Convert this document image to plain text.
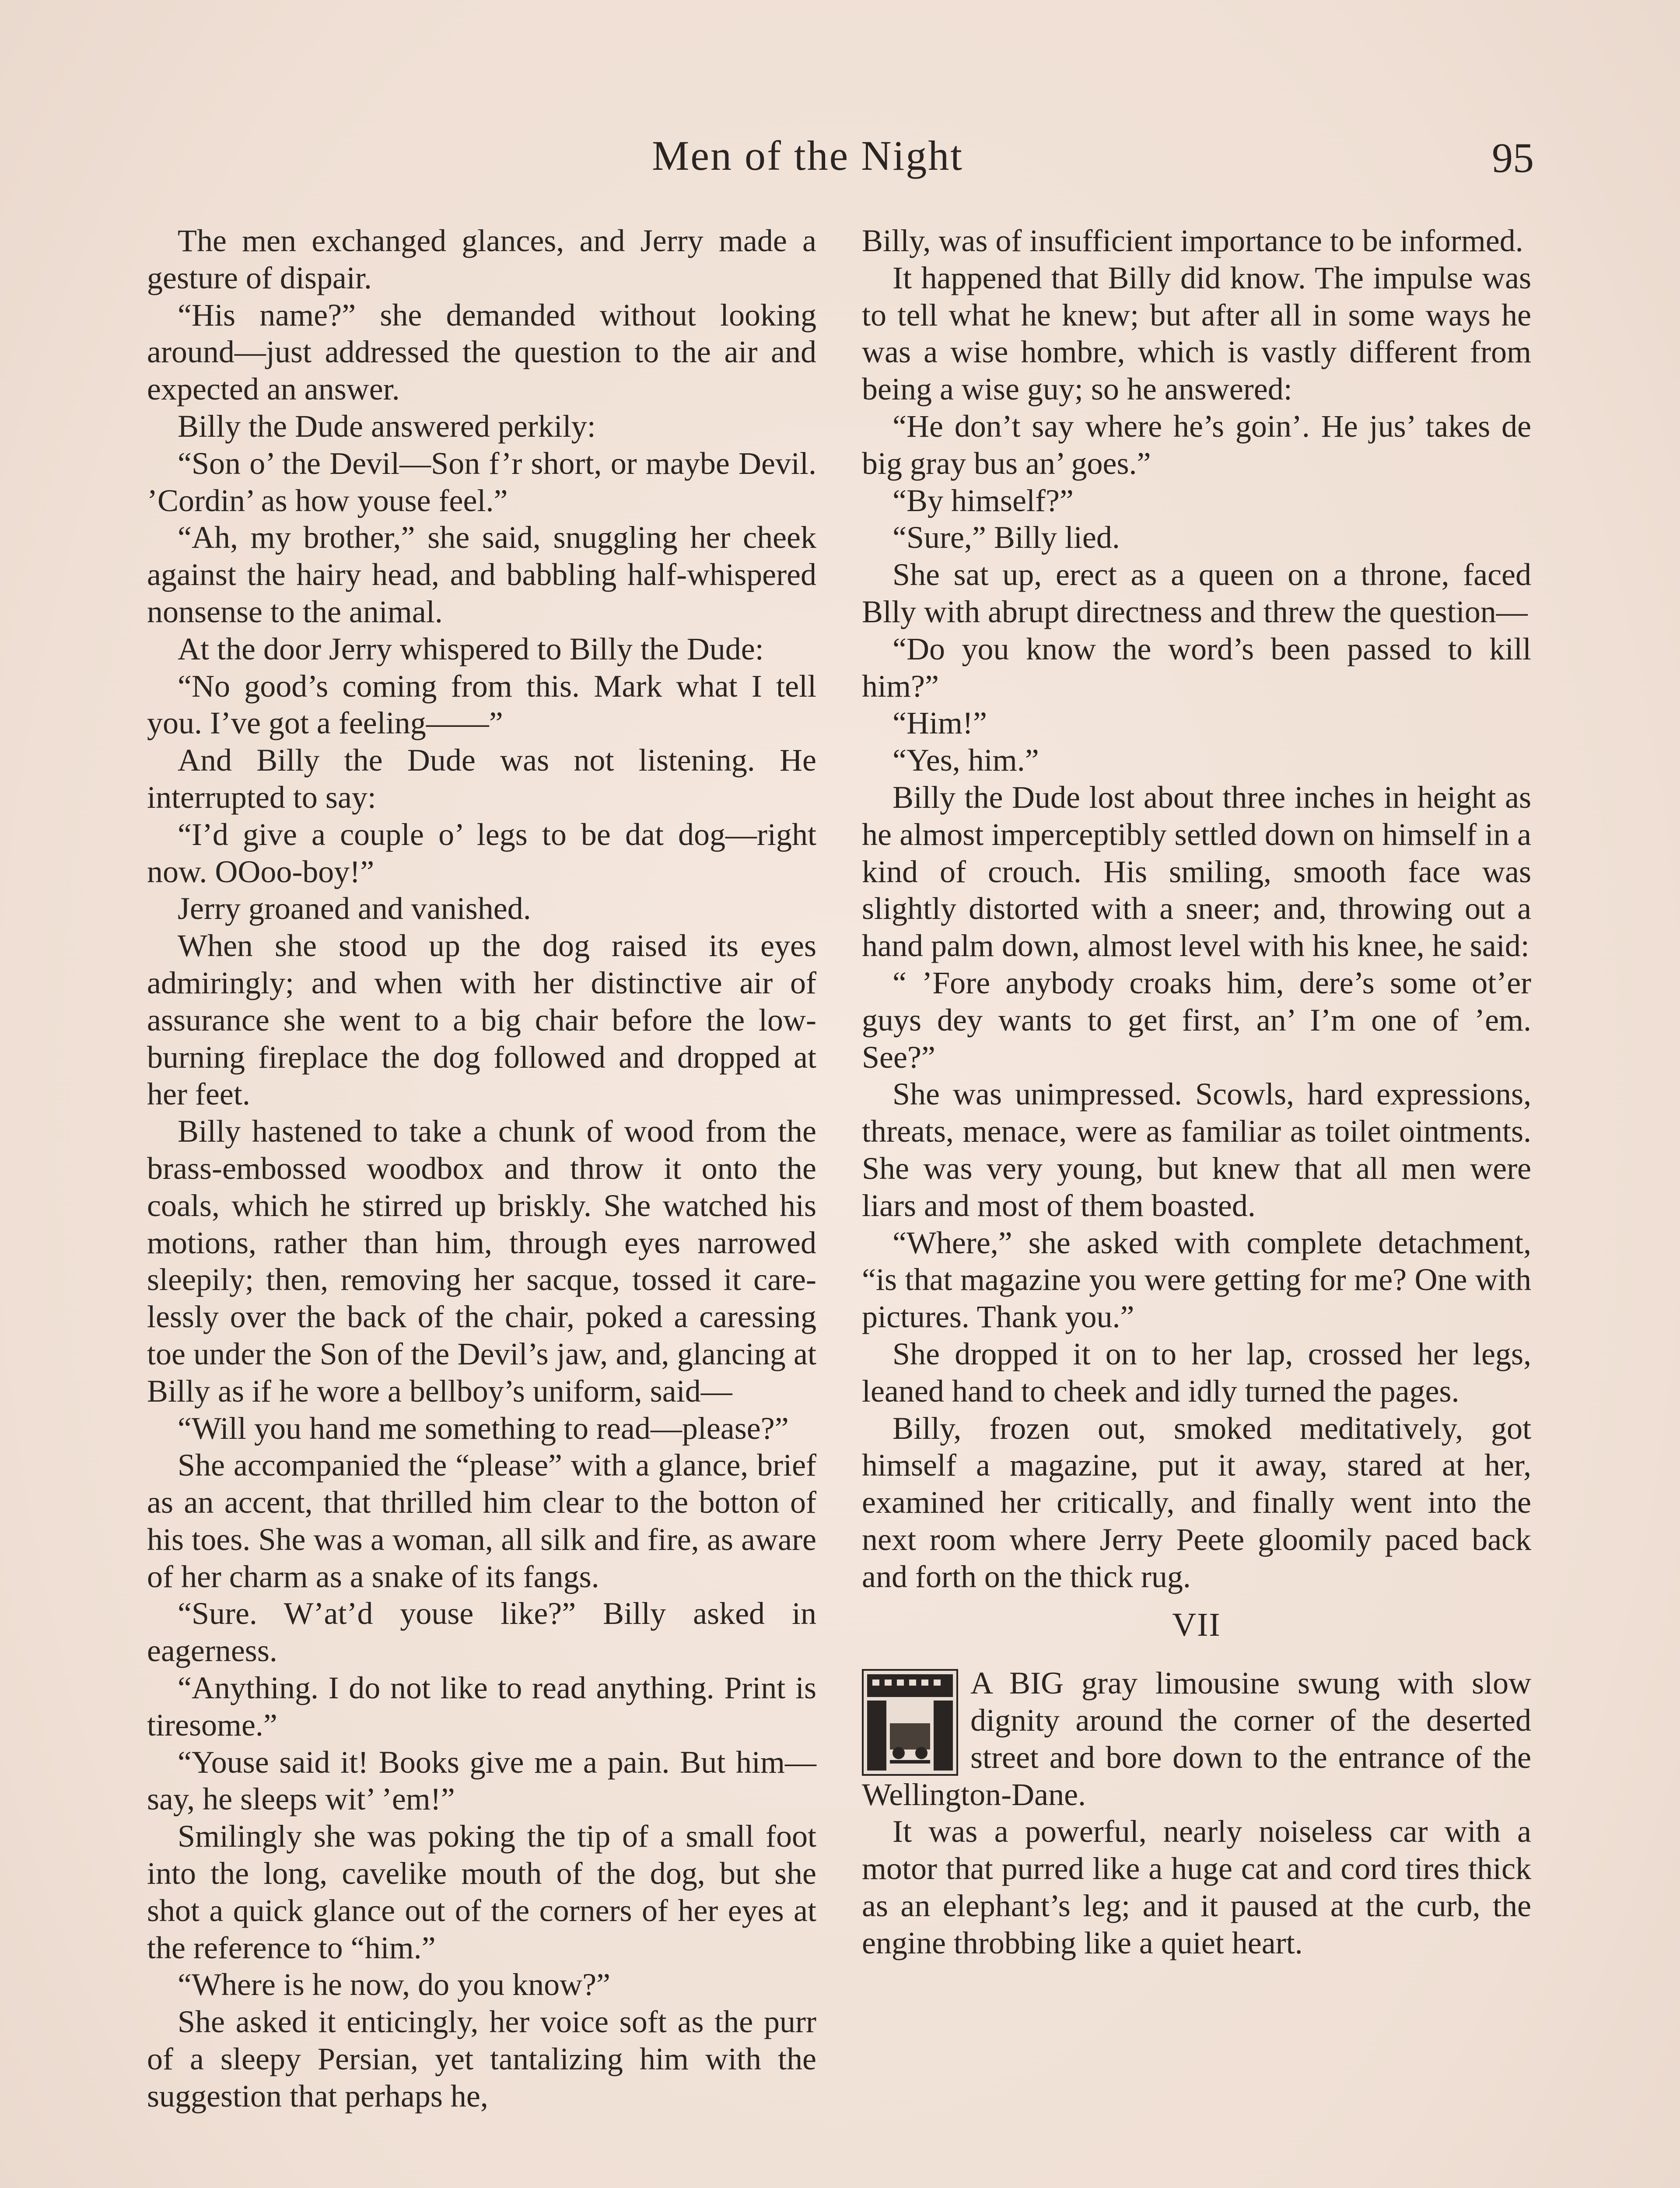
Men of the Night	95

The men exchanged glances, and Jerry made a gesture of dispair.

“His name?” she demanded without looking around—just addressed the question to the air and expected an answer.

Billy the Dude answered perkily:

“Son o’ the Devil—Son f’r short, or maybe Devil. ’Cordin’ as how youse feel.”

“Ah, my brother,” she said, snuggling her cheek against the hairy head, and babbling half-whispered nonsense to the animal.

At the door Jerry whispered to Billy the Dude:

“No good’s coming from this. Mark what I tell you. I’ve got a feeling——”

And Billy the Dude was not listening. He interrupted to say:

“I’d give a couple o’ legs to be dat dog—right now. OOoo-boy!”

Jerry groaned and vanished.

When she stood up the dog raised its eyes admiringly; and when with her distinctive air of assurance she went to a big chair before the low-burning fireplace the dog followed and dropped at her feet.

Billy hastened to take a chunk of wood from the brass-embossed woodbox and throw it onto the coals, which he stirred up briskly. She watched his motions, rather than him, through eyes narrowed sleepily; then, removing her sacque, tossed it carelessly over the back of the chair, poked a caressing toe under the Son of the Devil’s jaw, and, glancing at Billy as if he wore a bellboy’s uniform, said—

“Will you hand me something to read—please?”

She accompanied the “please” with a glance, brief as an accent, that thrilled him clear to the botton of his toes. She was a woman, all silk and fire, as aware of her charm as a snake of its fangs.

“Sure. W’at’d youse like?” Billy asked in eagerness.

“Anything. I do not like to read anything. Print is tiresome.”

“Youse said it! Books give me a pain. But him—say, he sleeps wit’ ’em!”

Smilingly she was poking the tip of a small foot into the long, cavelike mouth of the dog, but she shot a quick glance out of the corners of her eyes at the reference to “him.”

“Where is he now, do you know?”

She asked it enticingly, her voice soft as the purr of a sleepy Persian, yet tantalizing him with the suggestion that perhaps he,

Billy, was of insufficient importance to be informed.

It happened that Billy did know. The impulse was to tell what he knew; but after all in some ways he was a wise hombre, which is vastly different from being a wise guy; so he answered:

“He don’t say where he’s goin’. He jus’ takes de big gray bus an’ goes.”

“By himself?”

“Sure,” Billy lied.

She sat up, erect as a queen on a throne, faced Blly with abrupt directness and threw the question—

“Do you know the word’s been passed to kill him?”

“Him!”

“Yes, him.”

Billy the Dude lost about three inches in height as he almost imperceptibly settled down on himself in a kind of crouch. His smiling, smooth face was slightly distorted with a sneer; and, throwing out a hand palm down, almost level with his knee, he said:

“ ’Fore anybody croaks him, dere’s some ot’er guys dey wants to get first, an’ I’m one of ’em. See?”

She was unimpressed. Scowls, hard expressions, threats, menace, were as familiar as toilet ointments. She was very young, but knew that all men were liars and most of them boasted.

“Where,” she asked with complete detachment, “is that magazine you were getting for me? One with pictures. Thank you.”

She dropped it on to her lap, crossed her legs, leaned hand to cheek and idly turned the pages.

Billy, frozen out, smoked meditatively, got himself a magazine, put it away, stared at her, examined her critically, and finally went into the next room where Jerry Peete gloomily paced back and forth on the thick rug.

VII

A BIG gray limousine swung with slow dignity around the corner of the deserted street and bore down to the entrance of the Wellington-Dane.

It was a powerful, nearly noiseless car with a motor that purred like a huge cat and cord tires thick as an elephant’s leg; and it paused at the curb, the engine throbbing like a quiet heart.
